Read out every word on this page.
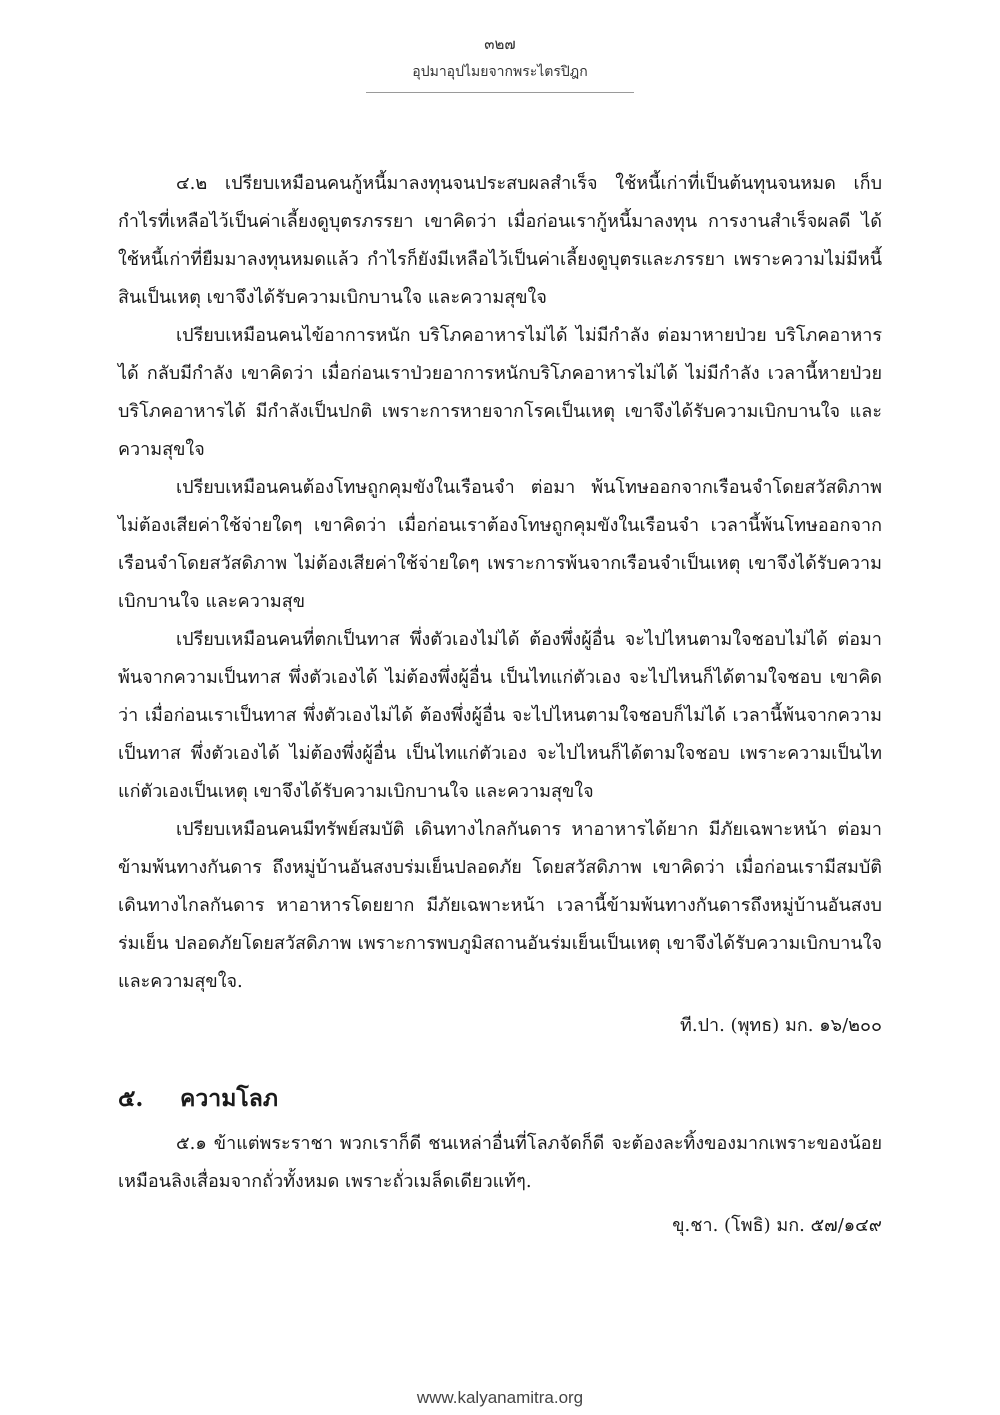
๓๒๗
อุปมาอุปไมยจากพระไตรปิฎก

๔.๒ เปรียบเหมือนคนกู้หนี้มาลงทุนจนประสบผลสำเร็จ ใช้หนี้เก่าที่เป็นต้นทุนจนหมด เก็บกำไรที่เหลือไว้เป็นค่าเลี้ยงดูบุตรภรรยา เขาคิดว่า เมื่อก่อนเรากู้หนี้มาลงทุน การงานสำเร็จผลดี ได้ใช้หนี้เก่าที่ยืมมาลงทุนหมดแล้ว กำไรก็ยังมีเหลือไว้เป็นค่าเลี้ยงดูบุตรและภรรยา เพราะความไม่มีหนี้สินเป็นเหตุ เขาจึงได้รับความเบิกบานใจ และความสุขใจ

เปรียบเหมือนคนไข้อาการหนัก บริโภคอาหารไม่ได้ ไม่มีกำลัง ต่อมาหายป่วย บริโภคอาหารได้ กลับมีกำลัง เขาคิดว่า เมื่อก่อนเราป่วยอาการหนักบริโภคอาหารไม่ได้ ไม่มีกำลัง เวลานี้หายป่วย บริโภคอาหารได้ มีกำลังเป็นปกติ เพราะการหายจากโรคเป็นเหตุ เขาจึงได้รับความเบิกบานใจ และความสุขใจ

เปรียบเหมือนคนต้องโทษถูกคุมขังในเรือนจำ ต่อมา พ้นโทษออกจากเรือนจำโดยสวัสดิภาพ ไม่ต้องเสียค่าใช้จ่ายใดๆ เขาคิดว่า เมื่อก่อนเราต้องโทษถูกคุมขังในเรือนจำ เวลานี้พ้นโทษออกจากเรือนจำโดยสวัสดิภาพ ไม่ต้องเสียค่าใช้จ่ายใดๆ เพราะการพ้นจากเรือนจำเป็นเหตุ เขาจึงได้รับความเบิกบานใจ และความสุข

เปรียบเหมือนคนที่ตกเป็นทาส พึ่งตัวเองไม่ได้ ต้องพึ่งผู้อื่น จะไปไหนตามใจชอบไม่ได้ ต่อมา พ้นจากความเป็นทาส พึ่งตัวเองได้ ไม่ต้องพึ่งผู้อื่น เป็นไทแก่ตัวเอง จะไปไหนก็ได้ตามใจชอบ เขาคิดว่า เมื่อก่อนเราเป็นทาส พึ่งตัวเองไม่ได้ ต้องพึ่งผู้อื่น จะไปไหนตามใจชอบก็ไม่ได้ เวลานี้พ้นจากความเป็นทาส พึ่งตัวเองได้ ไม่ต้องพึ่งผู้อื่น เป็นไทแก่ตัวเอง จะไปไหนก็ได้ตามใจชอบ เพราะความเป็นไทแก่ตัวเองเป็นเหตุ เขาจึงได้รับความเบิกบานใจ และความสุขใจ

เปรียบเหมือนคนมีทรัพย์สมบัติ เดินทางไกลกันดาร หาอาหารได้ยาก มีภัยเฉพาะหน้า ต่อมา ข้ามพ้นทางกันดาร ถึงหมู่บ้านอันสงบร่มเย็นปลอดภัย โดยสวัสดิภาพ เขาคิดว่า เมื่อก่อนเรามีสมบัติ เดินทางไกลกันดาร หาอาหารโดยยาก มีภัยเฉพาะหน้า เวลานี้ข้ามพ้นทางกันดารถึงหมู่บ้านอันสงบร่มเย็น ปลอดภัยโดยสวัสดิภาพ เพราะการพบภูมิสถานอันร่มเย็นเป็นเหตุ เขาจึงได้รับความเบิกบานใจ และความสุขใจ.

ที.ปา. (พุทธ) มก. ๑๖/๒๐๐

๕.	ความโลภ

๕.๑ ข้าแต่พระราชา พวกเราก็ดี ชนเหล่าอื่นที่โลภจัดก็ดี จะต้องละทิ้งของมากเพราะของน้อย เหมือนลิงเสื่อมจากถั่วทั้งหมด เพราะถั่วเมล็ดเดียวแท้ๆ.

ขุ.ชา. (โพธิ) มก. ๕๗/๑๔๙

www.kalyanamitra.org
